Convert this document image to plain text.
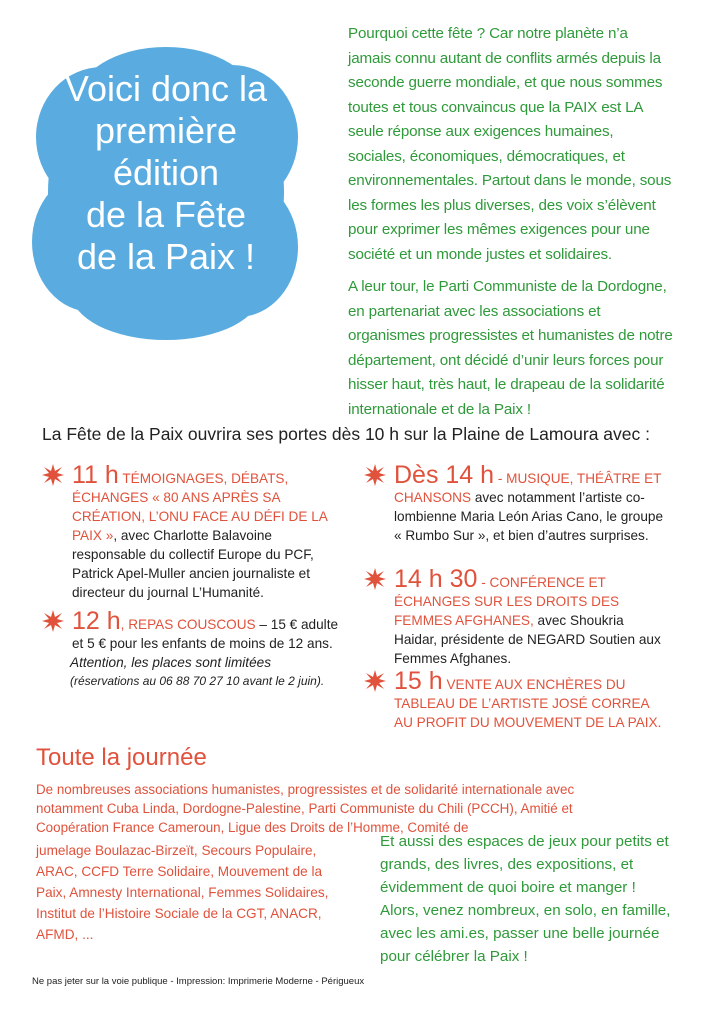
Voici donc la
première
édition
de la Fête
de la Paix !

Pourquoi cette fête ? Car notre planète n’a jamais connu autant de conflits armés depuis la seconde guerre mondiale, et que nous sommes toutes et tous convaincus que la PAIX est LA seule réponse aux exigences humaines, sociales, économiques, démocratiques, et environnementales. Partout dans le monde, sous les formes les plus diverses, des voix s’élèvent pour exprimer les mêmes exigences pour une société et un monde justes et solidaires.

A leur tour, le Parti Communiste de la Dordogne, en partenariat avec les associations et organismes progressistes et humanistes de notre département, ont décidé d’unir leurs forces pour hisser haut, très haut, le drapeau de la solidarité internationale et de la Paix !

La Fête de la Paix ouvrira ses portes dès 10 h sur la Plaine de Lamoura avec :
11 h TÉMOIGNAGES, DÉBATS, ÉCHANGES « 80 ANS APRÈS SA CRÉATION, L’ONU FACE AU DÉFI DE LA PAIX », avec Charlotte Balavoine responsable du collectif Europe du PCF, Patrick Apel-Muller ancien journaliste et directeur du journal L’Humanité.
12 h, REPAS COUSCOUS – 15 € adulte et 5 € pour les enfants de moins de 12 ans.
Attention, les places sont limitées
(réservations au 06 88 70 27 10 avant le 2 juin).
Dès 14 h - MUSIQUE, THÉÂTRE ET CHANSONS avec notamment l’artiste co-lombienne Maria León Arias Cano, le groupe « Rumbo Sur », et bien d’autres surprises.
14 h 30 - CONFÉRENCE ET ÉCHANGES SUR LES DROITS DES FEMMES AFGHANES, avec Shoukria Haidar, présidente de NEGARD Soutien aux Femmes Afghanes.
15 h VENTE AUX ENCHÈRES DU TABLEAU DE L’ARTISTE JOSÉ CORREA AU PROFIT DU MOUVEMENT DE LA PAIX.
Toute la journée
De nombreuses associations humanistes, progressistes et de solidarité internationale avec notamment Cuba Linda, Dordogne-Palestine, Parti Communiste du Chili (PCCH), Amitié et Coopération France Cameroun, Ligue des Droits de l’Homme, Comité de
jumelage Boulazac-Birzeït, Secours Populaire, ARAC, CCFD Terre Solidaire, Mouvement de la Paix, Amnesty International, Femmes Solidaires, Institut de l’Histoire Sociale de la CGT, ANACR, AFMD, ...
Et aussi des espaces de jeux pour petits et grands, des livres, des expositions, et évidemment de quoi boire et manger ! Alors, venez nombreux, en solo, en famille, avec les ami.es, passer une belle journée pour célébrer la Paix !
Ne pas jeter sur la voie publique - Impression: Imprimerie Moderne - Périgueux
